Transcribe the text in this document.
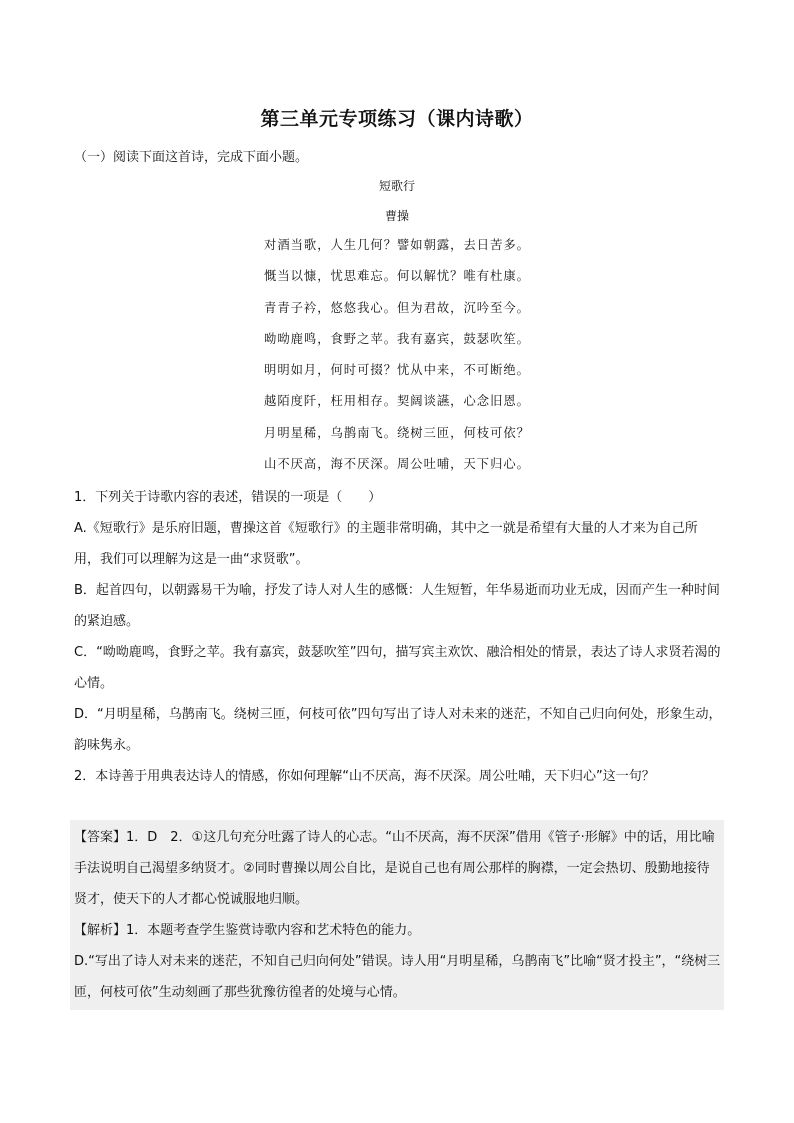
第三单元专项练习（课内诗歌）
（一）阅读下面这首诗，完成下面小题。
短歌行
曹操
对酒当歌，人生几何？譬如朝露，去日苦多。
慨当以慷，忧思难忘。何以解忧？唯有杜康。
青青子衿，悠悠我心。但为君故，沉吟至今。
呦呦鹿鸣，食野之苹。我有嘉宾，鼓瑟吹笙。
明明如月，何时可掇？忧从中来，不可断绝。
越陌度阡，枉用相存。契阔谈讌，心念旧恩。
月明星稀，乌鹊南飞。绕树三匝，何枝可依？
山不厌高，海不厌深。周公吐哺，天下归心。

1．下列关于诗歌内容的表述，错误的一项是（　　）

A.《短歌行》是乐府旧题，曹操这首《短歌行》的主题非常明确，其中之一就是希望有大量的人才来为自己所用，我们可以理解为这是一曲“求贤歌”。

B．起首四句，以朝露易干为喻，抒发了诗人对人生的感慨：人生短暂，年华易逝而功业无成，因而产生一种时间的紧迫感。

C．“呦呦鹿鸣，食野之苹。我有嘉宾，鼓瑟吹笙”四句，描写宾主欢饮、融洽相处的情景，表达了诗人求贤若渴的心情。

D．“月明星稀，乌鹊南飞。绕树三匝，何枝可依”四句写出了诗人对未来的迷茫，不知自己归向何处，形象生动，韵味隽永。

2．本诗善于用典表达诗人的情感，你如何理解“山不厌高，海不厌深。周公吐哺，天下归心”这一句？

【答案】1．D　2．①这几句充分吐露了诗人的心志。“山不厌高，海不厌深”借用《管子·形解》中的话，用比喻手法说明自己渴望多纳贤才。②同时曹操以周公自比，是说自己也有周公那样的胸襟，一定会热切、殷勤地接待贤才，使天下的人才都心悦诚服地归顺。

【解析】1．本题考查学生鉴赏诗歌内容和艺术特色的能力。

D.“写出了诗人对未来的迷茫，不知自己归向何处”错误。诗人用“月明星稀，乌鹊南飞”比喻“贤才投主”，“绕树三匝，何枝可依”生动刻画了那些犹豫彷徨者的处境与心情。
